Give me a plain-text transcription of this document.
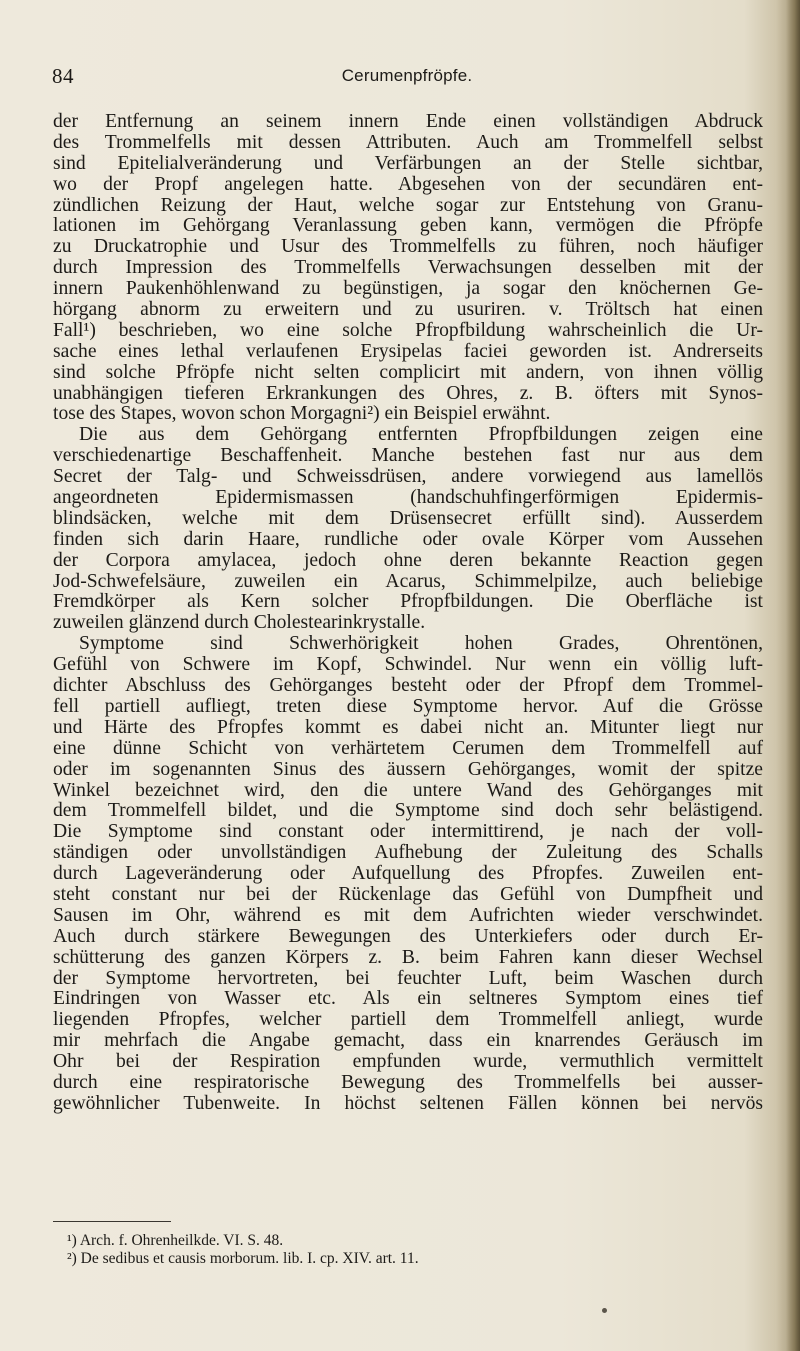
84	Cerumenpfröpfe.
der Entfernung an seinem innern Ende einen vollständigen Abdruck
des Trommelfells mit dessen Attributen. Auch am Trommelfell selbst
sind Epitelialveränderung und Verfärbungen an der Stelle sichtbar,
wo der Propf angelegen hatte. Abgesehen von der secundären ent-
zündlichen Reizung der Haut, welche sogar zur Entstehung von Granu-
lationen im Gehörgang Veranlassung geben kann, vermögen die Pfröpfe
zu Druckatrophie und Usur des Trommelfells zu führen, noch häufiger
durch Impression des Trommelfells Verwachsungen desselben mit der
innern Paukenhöhlenwand zu begünstigen, ja sogar den knöchernen Ge-
hörgang abnorm zu erweitern und zu usuriren. v. Tröltsch hat einen
Fall¹) beschrieben, wo eine solche Pfropfbildung wahrscheinlich die Ur-
sache eines lethal verlaufenen Erysipelas faciei geworden ist. Andrerseits
sind solche Pfröpfe nicht selten complicirt mit andern, von ihnen völlig
unabhängigen tieferen Erkrankungen des Ohres, z. B. öfters mit Synos-
tose des Stapes, wovon schon Morgagni²) ein Beispiel erwähnt.
Die aus dem Gehörgang entfernten Pfropfbildungen zeigen eine
verschiedenartige Beschaffenheit. Manche bestehen fast nur aus dem
Secret der Talg- und Schweissdrüsen, andere vorwiegend aus lamellös
angeordneten Epidermismassen (handschuhfingerförmigen Epidermis-
blindsäcken, welche mit dem Drüsensecret erfüllt sind). Ausserdem
finden sich darin Haare, rundliche oder ovale Körper vom Aussehen
der Corpora amylacea, jedoch ohne deren bekannte Reaction gegen
Jod-Schwefelsäure, zuweilen ein Acarus, Schimmelpilze, auch beliebige
Fremdkörper als Kern solcher Pfropfbildungen. Die Oberfläche ist
zuweilen glänzend durch Cholestearinkrystalle.
Symptome sind Schwerhörigkeit hohen Grades, Ohrentönen,
Gefühl von Schwere im Kopf, Schwindel. Nur wenn ein völlig luft-
dichter Abschluss des Gehörganges besteht oder der Pfropf dem Trommel-
fell partiell aufliegt, treten diese Symptome hervor. Auf die Grösse
und Härte des Pfropfes kommt es dabei nicht an. Mitunter liegt nur
eine dünne Schicht von verhärtetem Cerumen dem Trommelfell auf
oder im sogenannten Sinus des äussern Gehörganges, womit der spitze
Winkel bezeichnet wird, den die untere Wand des Gehörganges mit
dem Trommelfell bildet, und die Symptome sind doch sehr belästigend.
Die Symptome sind constant oder intermittirend, je nach der voll-
ständigen oder unvollständigen Aufhebung der Zuleitung des Schalls
durch Lageveränderung oder Aufquellung des Pfropfes. Zuweilen ent-
steht constant nur bei der Rückenlage das Gefühl von Dumpfheit und
Sausen im Ohr, während es mit dem Aufrichten wieder verschwindet.
Auch durch stärkere Bewegungen des Unterkiefers oder durch Er-
schütterung des ganzen Körpers z. B. beim Fahren kann dieser Wechsel
der Symptome hervortreten, bei feuchter Luft, beim Waschen durch
Eindringen von Wasser etc. Als ein seltneres Symptom eines tief
liegenden Pfropfes, welcher partiell dem Trommelfell anliegt, wurde
mir mehrfach die Angabe gemacht, dass ein knarrendes Geräusch im
Ohr bei der Respiration empfunden wurde, vermuthlich vermittelt
durch eine respiratorische Bewegung des Trommelfells bei ausser-
gewöhnlicher Tubenweite. In höchst seltenen Fällen können bei nervös
¹) Arch. f. Ohrenheilkde. VI. S. 48.
²) De sedibus et causis morborum. lib. I. cp. XIV. art. 11.
